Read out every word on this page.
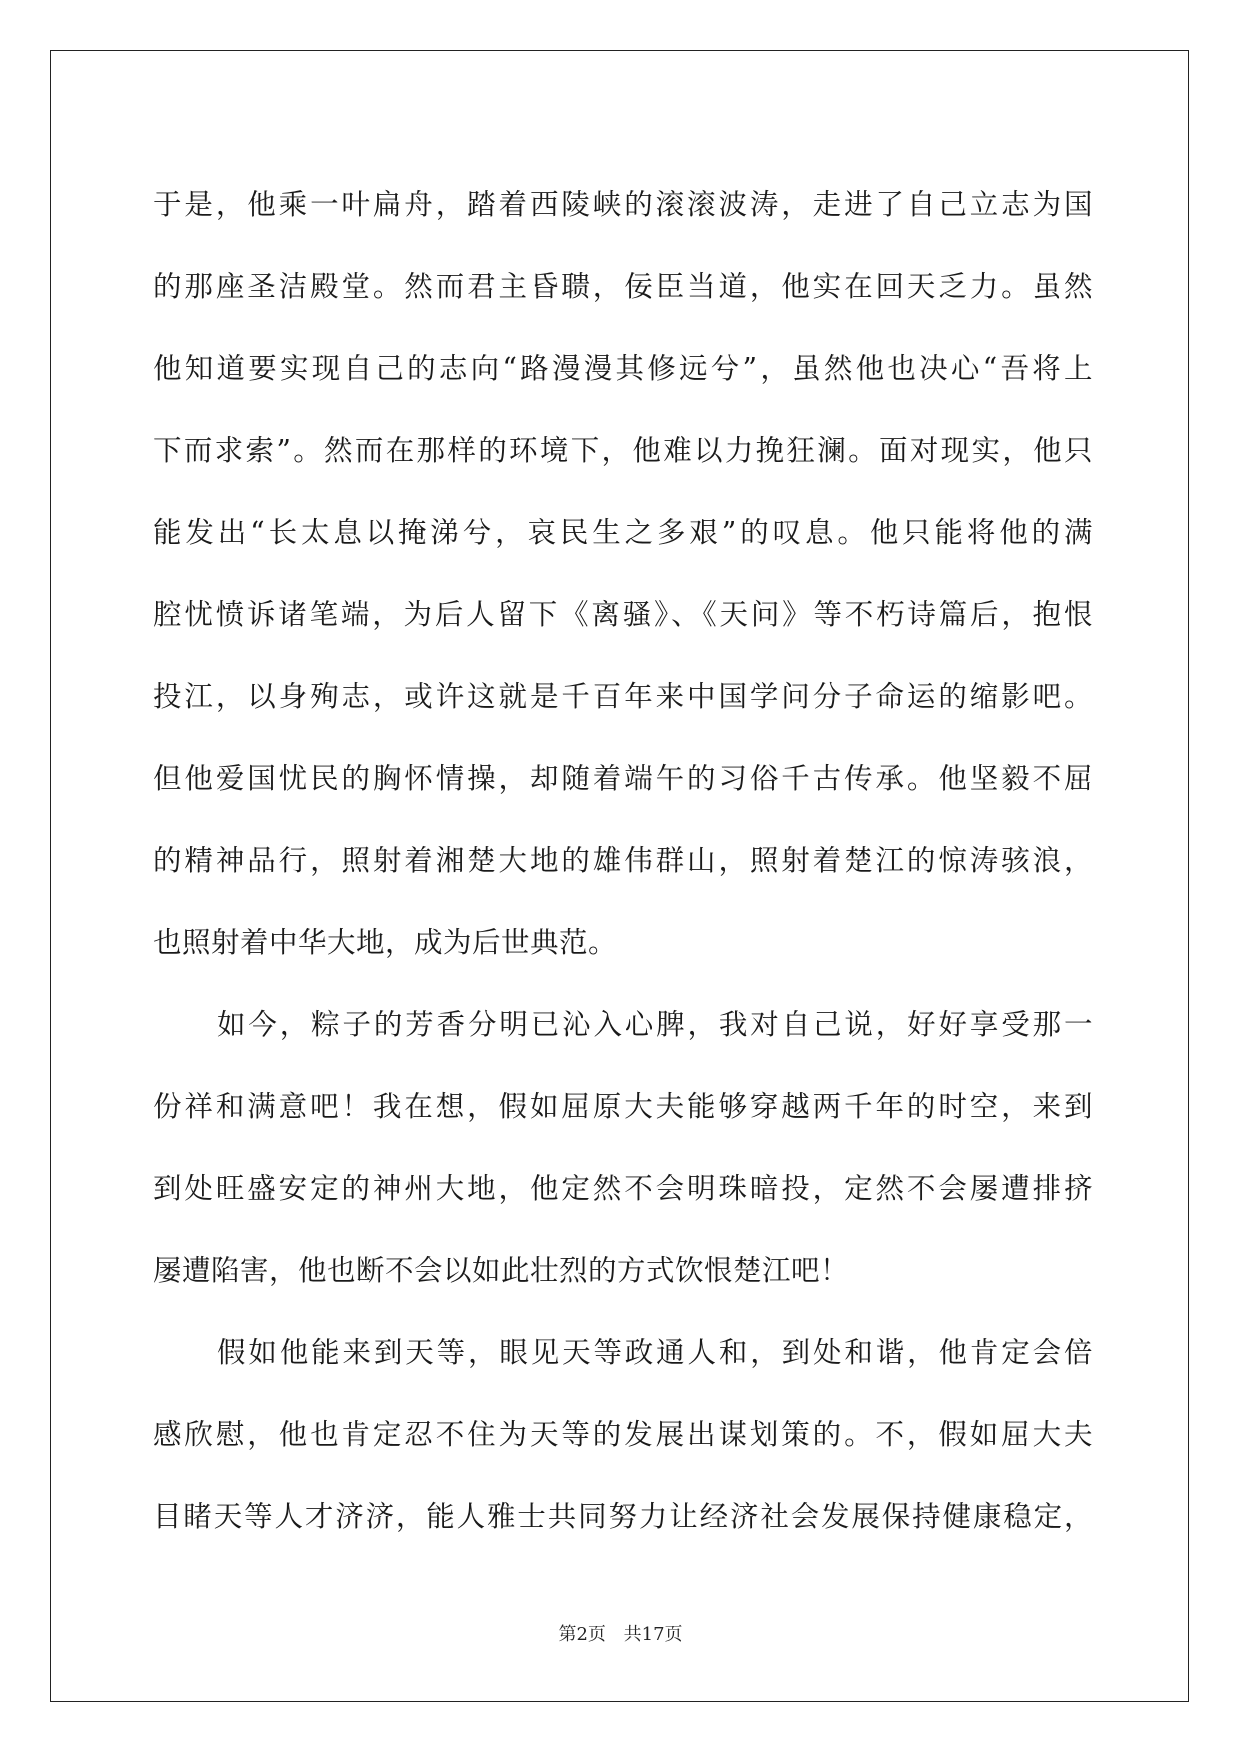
于是，他乘一叶扁舟，踏着西陵峡的滚滚波涛，走进了自己立志为国
的那座圣洁殿堂。然而君主昏聩，佞臣当道，他实在回天乏力。虽然
他知道要实现自己的志向“路漫漫其修远兮”，虽然他也决心“吾将上
下而求索”。然而在那样的环境下，他难以力挽狂澜。面对现实，他只
能发出“长太息以掩涕兮，哀民生之多艰”的叹息。他只能将他的满
腔忧愤诉诸笔端，为后人留下《离骚》、《天问》等不朽诗篇后，抱恨
投江，以身殉志，或许这就是千百年来中国学问分子命运的缩影吧。
但他爱国忧民的胸怀情操，却随着端午的习俗千古传承。他坚毅不屈
的精神品行，照射着湘楚大地的雄伟群山，照射着楚江的惊涛骇浪，
也照射着中华大地，成为后世典范。
如今，粽子的芳香分明已沁入心脾，我对自己说，好好享受那一
份祥和满意吧！我在想，假如屈原大夫能够穿越两千年的时空，来到
到处旺盛安定的神州大地，他定然不会明珠暗投，定然不会屡遭排挤
屡遭陷害，他也断不会以如此壮烈的方式饮恨楚江吧！
假如他能来到天等，眼见天等政通人和，到处和谐，他肯定会倍
感欣慰，他也肯定忍不住为天等的发展出谋划策的。不，假如屈大夫
目睹天等人才济济，能人雅士共同努力让经济社会发展保持健康稳定，
第2页 共17页
